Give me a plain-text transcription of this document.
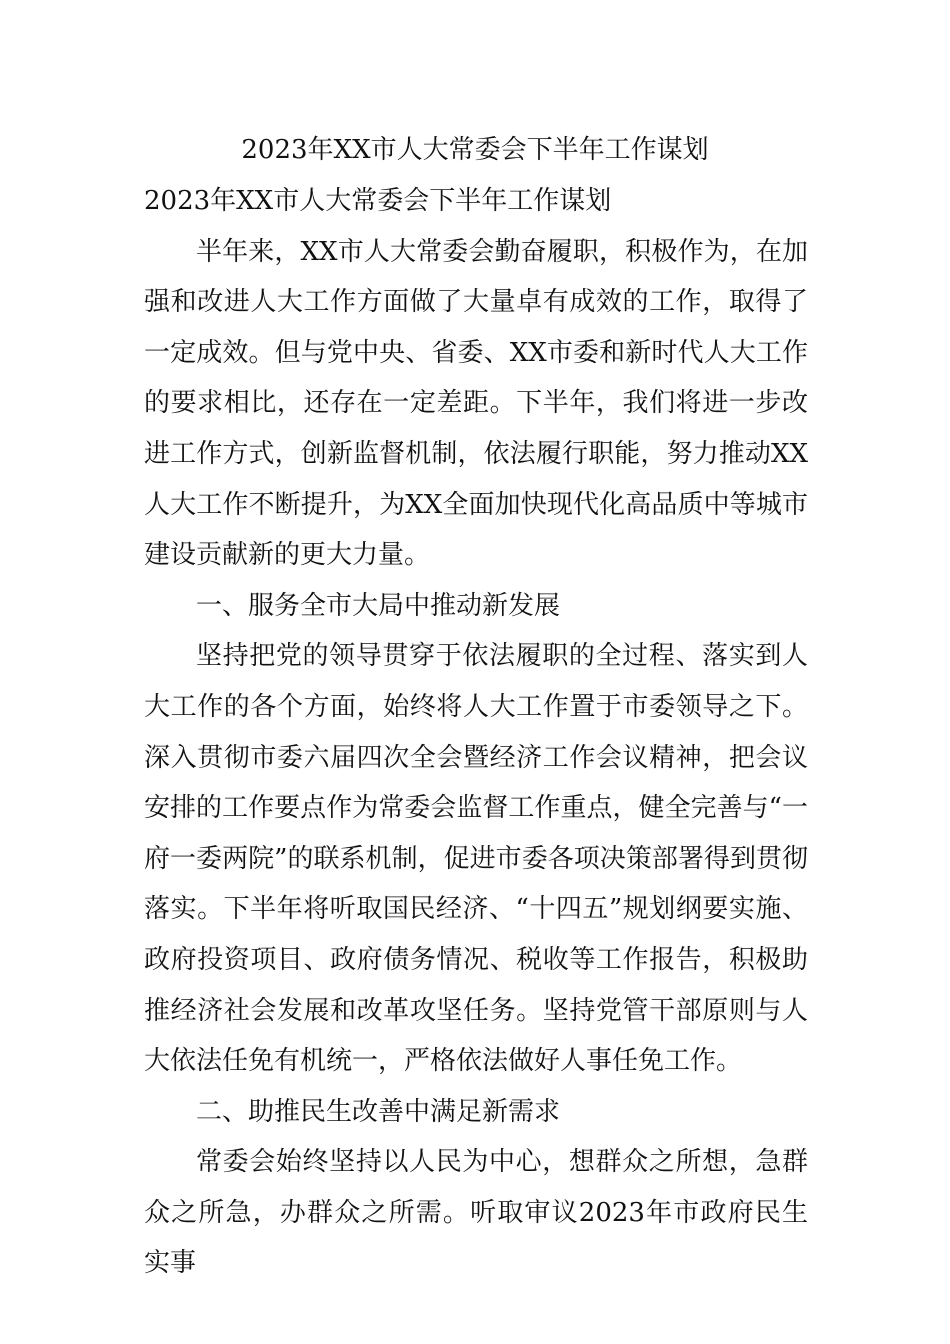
2023年XX市人大常委会下半年工作谋划

2023年XX市人大常委会下半年工作谋划

半年来，XX市人大常委会勤奋履职，积极作为，在加强和改进人大工作方面做了大量卓有成效的工作，取得了一定成效。但与党中央、省委、XX市委和新时代人大工作的要求相比，还存在一定差距。下半年，我们将进一步改进工作方式，创新监督机制，依法履行职能，努力推动XX人大工作不断提升，为XX全面加快现代化高品质中等城市建设贡献新的更大力量。

一、服务全市大局中推动新发展

坚持把党的领导贯穿于依法履职的全过程、落实到人大工作的各个方面，始终将人大工作置于市委领导之下。深入贯彻市委六届四次全会暨经济工作会议精神，把会议安排的工作要点作为常委会监督工作重点，健全完善与“一府一委两院”的联系机制，促进市委各项决策部署得到贯彻落实。下半年将听取国民经济、“十四五”规划纲要实施、政府投资项目、政府债务情况、税收等工作报告，积极助推经济社会发展和改革攻坚任务。坚持党管干部原则与人大依法任免有机统一，严格依法做好人事任免工作。

二、助推民生改善中满足新需求

常委会始终坚持以人民为中心，想群众之所想，急群众之所急，办群众之所需。听取审议2023年市政府民生实事
